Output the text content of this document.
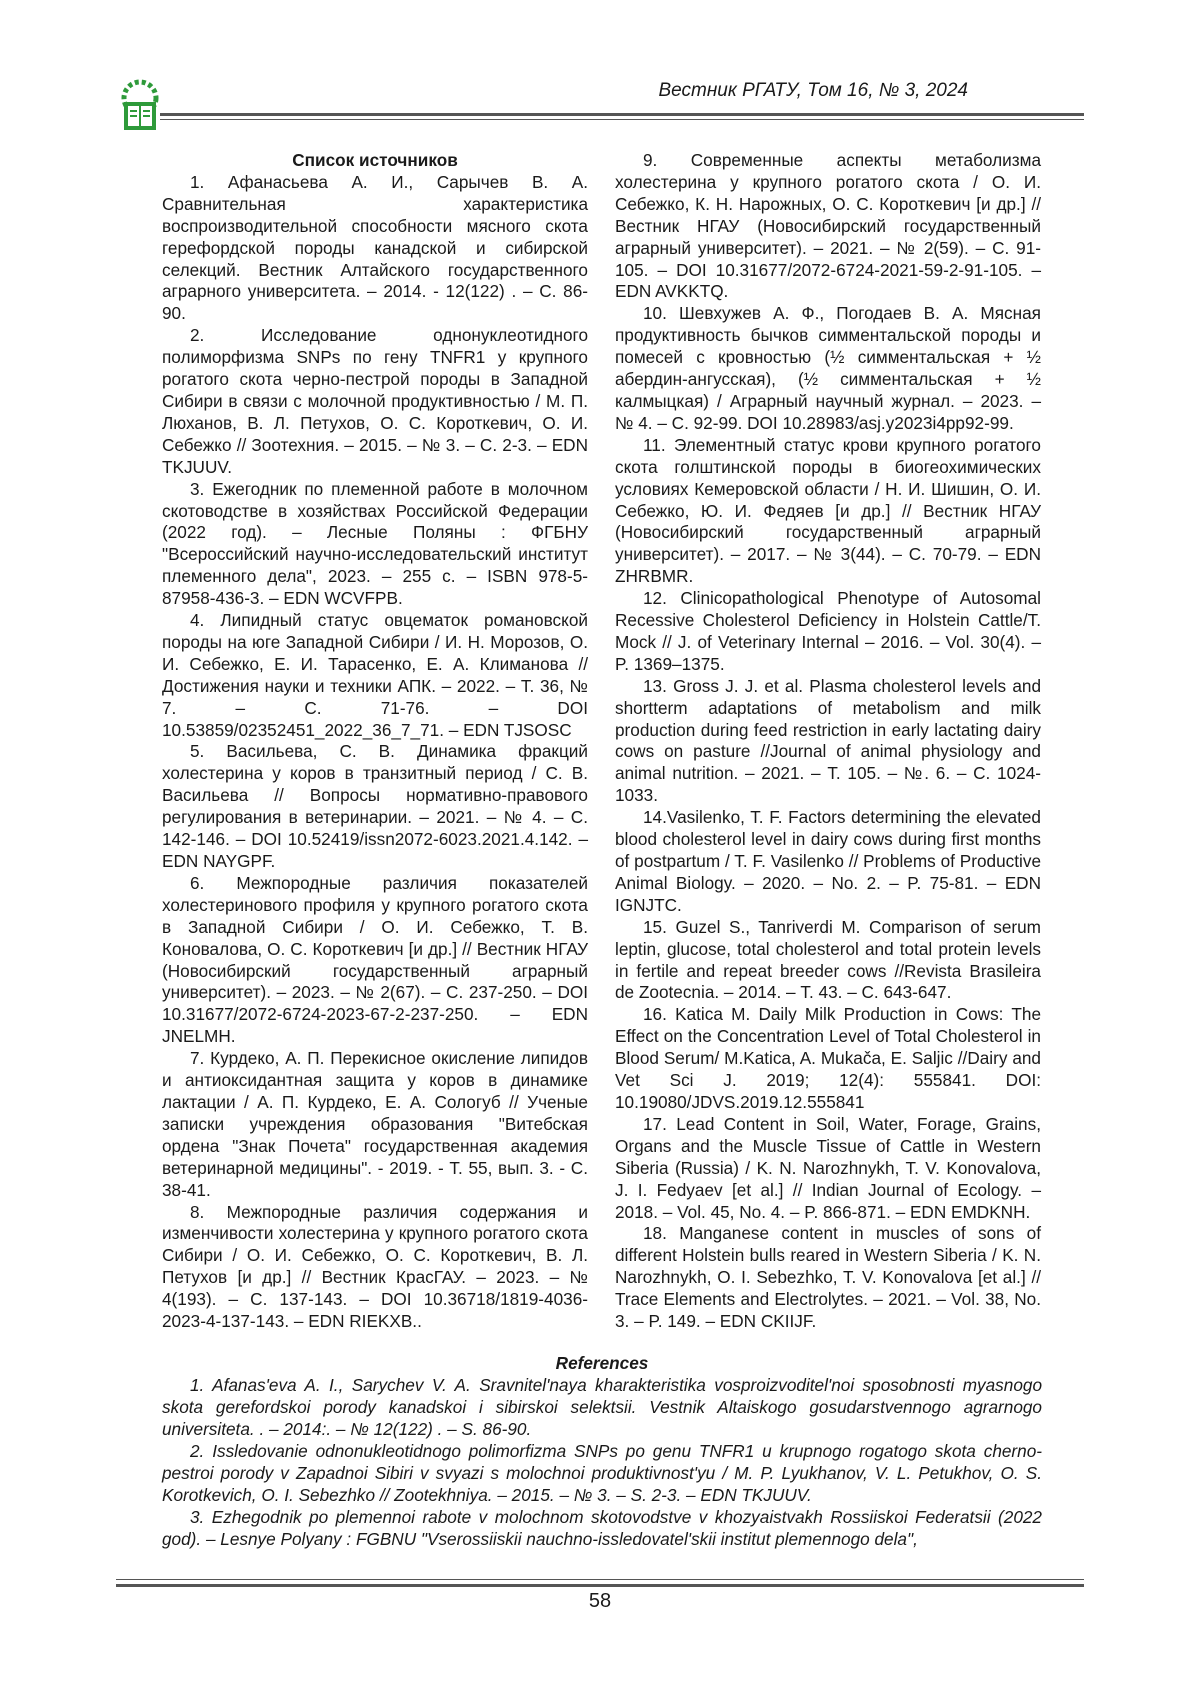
Вестник РГАТУ, Том 16, № 3, 2024

Список источников

1. Афанасьева А. И., Сарычев В. А. Сравнительная характеристика воспроизводительной способности мясного скота герефордской породы канадской и сибирской селекций. Вестник Алтайского государственного аграрного университета. – 2014. - 12(122) . – С. 86-90.

2. Исследование однонуклеотидного полиморфизма SNPs по гену TNFR1 у крупного рогатого скота черно-пестрой породы в Западной Сибири в связи с молочной продуктивностью / М. П. Люханов, В. Л. Петухов, О. С. Короткевич, О. И. Себежко // Зоотехния. – 2015. – № 3. – С. 2-3. – EDN TKJUUV.

3. Ежегодник по племенной работе в молочном скотоводстве в хозяйствах Российской Федерации (2022 год). – Лесные Поляны : ФГБНУ "Всероссийский научно-исследовательский институт племенного дела", 2023. – 255 с. – ISBN 978-5-87958-436-3. – EDN WCVFPB.

4. Липидный статус овцематок романовской породы на юге Западной Сибири / И. Н. Морозов, О. И. Себежко, Е. И. Тарасенко, Е. А. Климанова // Достижения науки и техники АПК. – 2022. – Т. 36, № 7. – С. 71-76. – DOI 10.53859/02352451_2022_36_7_71. – EDN TJSOSC

5. Васильева, С. В. Динамика фракций холестерина у коров в транзитный период / С. В. Васильева // Вопросы нормативно-правового регулирования в ветеринарии. – 2021. – № 4. – С. 142-146. – DOI 10.52419/issn2072-6023.2021.4.142. – EDN NAYGPF.

6. Межпородные различия показателей холестеринового профиля у крупного рогатого скота в Западной Сибири / О. И. Себежко, Т. В. Коновалова, О. С. Короткевич [и др.] // Вестник НГАУ (Новосибирский государственный аграрный университет). – 2023. – № 2(67). – С. 237-250. – DOI 10.31677/2072-6724-2023-67-2-237-250. – EDN JNELMH.

7. Курдеко, А. П. Перекисное окисление липидов и антиоксидантная защита у коров в динамике лактации / А. П. Курдеко, Е. А. Сологуб // Ученые записки учреждения образования "Витебская ордена "Знак Почета" государственная академия ветеринарной медицины". - 2019. - Т. 55, вып. 3. - С. 38-41.

8. Межпородные различия содержания и изменчивости холестерина у крупного рогатого скота Сибири / О. И. Себежко, О. С. Короткевич, В. Л. Петухов [и др.] // Вестник КрасГАУ. – 2023. – № 4(193). – С. 137-143. – DOI 10.36718/1819-4036-2023-4-137-143. – EDN RIEKXB..

9. Современные аспекты метаболизма холестерина у крупного рогатого скота / О. И. Себежко, К. Н. Нарожных, О. С. Короткевич [и др.] // Вестник НГАУ (Новосибирский государственный аграрный университет). – 2021. – № 2(59). – С. 91-105. – DOI 10.31677/2072-6724-2021-59-2-91-105. – EDN AVKKTQ.

10. Шевхужев А. Ф., Погодаев В. А. Мясная продуктивность бычков симментальской породы и помесей с кровностью (½ симментальская + ½ абердин-ангусская), (½ симментальская + ½ калмыцкая) / Аграрный научный журнал. – 2023. – № 4. – С. 92-99. DOI 10.28983/asj.y2023i4pp92-99.

11. Элементный статус крови крупного рогатого скота голштинской породы в биогеохимических условиях Кемеровской области / Н. И. Шишин, О. И. Себежко, Ю. И. Федяев [и др.] // Вестник НГАУ (Новосибирский государственный аграрный университет). – 2017. – № 3(44). – С. 70-79. – EDN ZHRBMR.

12. Clinicopathological Phenotype of Autosomal Recessive Cholesterol Deficiency in Holstein Cattle/T. Mock // J. of Veterinary Internal – 2016. – Vol. 30(4). – P. 1369–1375.

13. Gross J. J. et al. Plasma cholesterol levels and shortterm adaptations of metabolism and milk production during feed restriction in early lactating dairy cows on pasture //Journal of animal physiology and animal nutrition. – 2021. – Т. 105. – №. 6. – С. 1024-1033.

14.Vasilenko, T. F. Factors determining the elevated blood cholesterol level in dairy cows during first months of postpartum / T. F. Vasilenko // Problems of Productive Animal Biology. – 2020. – No. 2. – P. 75-81. – EDN IGNJTC.

15. Guzel S., Tanriverdi M. Comparison of serum leptin, glucose, total cholesterol and total protein levels in fertile and repeat breeder cows //Revista Brasileira de Zootecnia. – 2014. – Т. 43. – С. 643-647.

16. Katica M. Daily Milk Production in Cows: The Effect on the Concentration Level of Total Cholesterol in Blood Serum/ M.Katica, A. Mukača, E. Saljic //Dairy and Vet Sci J. 2019; 12(4): 555841. DOI: 10.19080/JDVS.2019.12.555841

17. Lead Content in Soil, Water, Forage, Grains, Organs and the Muscle Tissue of Cattle in Western Siberia (Russia) / K. N. Narozhnykh, T. V. Konovalova, J. I. Fedyaev [et al.] // Indian Journal of Ecology. – 2018. – Vol. 45, No. 4. – P. 866-871. – EDN EMDKNH.

18. Manganese content in muscles of sons of different Holstein bulls reared in Western Siberia / K. N. Narozhnykh, O. I. Sebezhko, T. V. Konovalova [et al.] // Trace Elements and Electrolytes. – 2021. – Vol. 38, No. 3. – P. 149. – EDN CKIIJF.

References

1. Afanas'eva A. I., Sarychev V. A. Sravnitel'naya kharakteristika vosproizvoditel'noi sposobnosti myasnogo skota gerefordskoi porody kanadskoi i sibirskoi selektsii. Vestnik Altaiskogo gosudarstvennogo agrarnogo universiteta. . – 2014:. – № 12(122) . – S. 86-90.

2. Issledovanie odnonukleotidnogo polimorfizma SNPs po genu TNFR1 u krupnogo rogatogo skota cherno-pestroi porody v Zapadnoi Sibiri v svyazi s molochnoi produktivnost'yu / M. P. Lyukhanov, V. L. Petukhov, O. S. Korotkevich, O. I. Sebezhko // Zootekhniya. – 2015. – № 3. – S. 2-3. – EDN TKJUUV.

3. Ezhegodnik po plemennoi rabote v molochnom skotovodstve v khozyaistvakh Rossiiskoi Federatsii (2022 god). – Lesnye Polyany : FGBNU "Vserossiiskii nauchno-issledovatel'skii institut plemennogo dela",

58
